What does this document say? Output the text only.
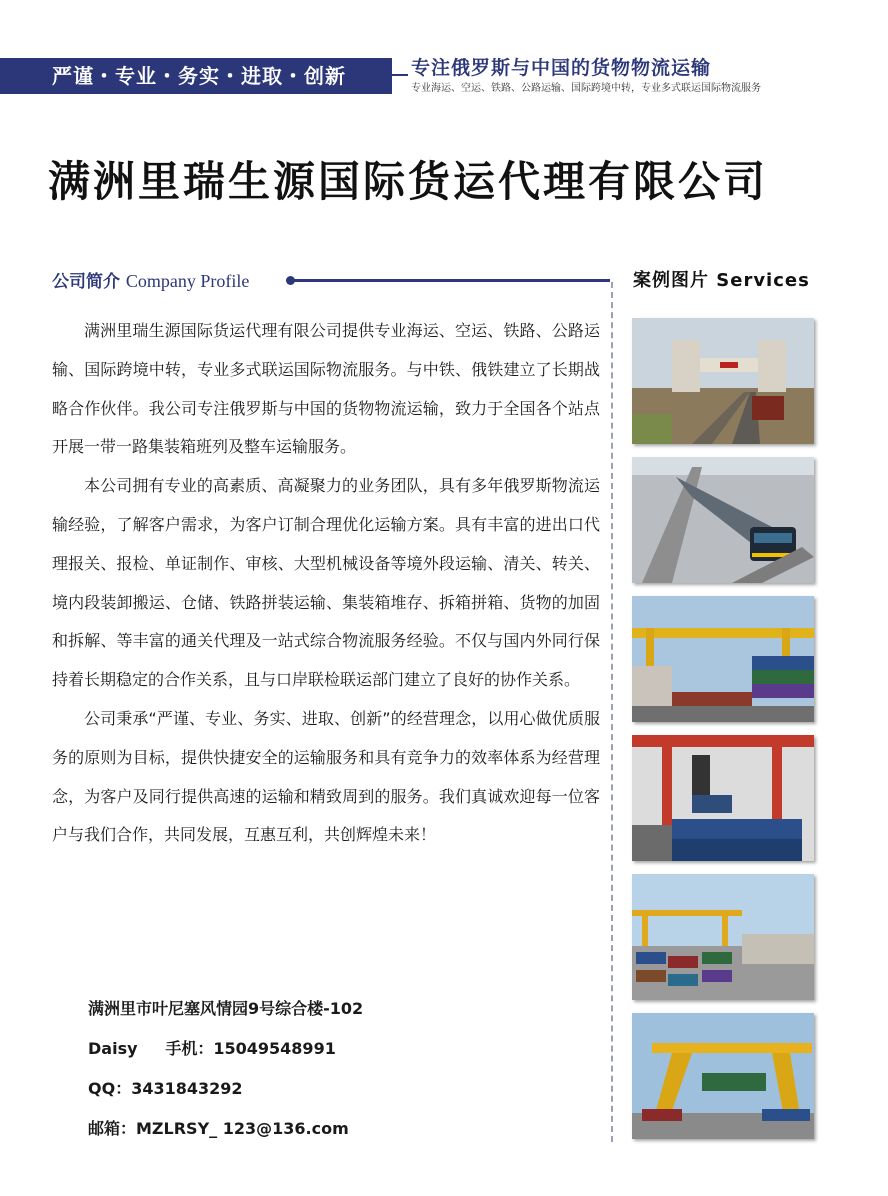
严谨・专业・务实・进取・创新	专注俄罗斯与中国的货物物流运输
专业海运、空运、铁路、公路运输、国际跨境中转，专业多式联运国际物流服务
满洲里瑞生源国际货运代理有限公司
公司简介 Company Profile	案例图片 Services

满洲里瑞生源国际货运代理有限公司提供专业海运、空运、铁路、公路运输、国际跨境中转，专业多式联运国际物流服务。与中铁、俄铁建立了长期战略合作伙伴。我公司专注俄罗斯与中国的货物物流运输，致力于全国各个站点开展一带一路集装箱班列及整车运输服务。

本公司拥有专业的高素质、高凝聚力的业务团队，具有多年俄罗斯物流运输经验，了解客户需求，为客户订制合理优化运输方案。具有丰富的进出口代理报关、报检、单证制作、审核、大型机械设备等境外段运输、清关、转关、境内段装卸搬运、仓储、铁路拼装运输、集装箱堆存、拆箱拼箱、货物的加固和拆解、等丰富的通关代理及一站式综合物流服务经验。不仅与国内外同行保持着长期稳定的合作关系，且与口岸联检联运部门建立了良好的协作关系。

公司秉承“严谨、专业、务实、进取、创新”的经营理念，以用心做优质服务的原则为目标，提供快捷安全的运输服务和具有竞争力的效率体系为经营理念，为客户及同行提供高速的运输和精致周到的服务。我们真诚欢迎每一位客户与我们合作，共同发展，互惠互利，共创辉煌未来！

满洲里市叶尼塞风情园9号综合楼-102
Daisy     手机：15049548991
QQ：3431843292
邮箱：MZLRSY_ 123@136.com
